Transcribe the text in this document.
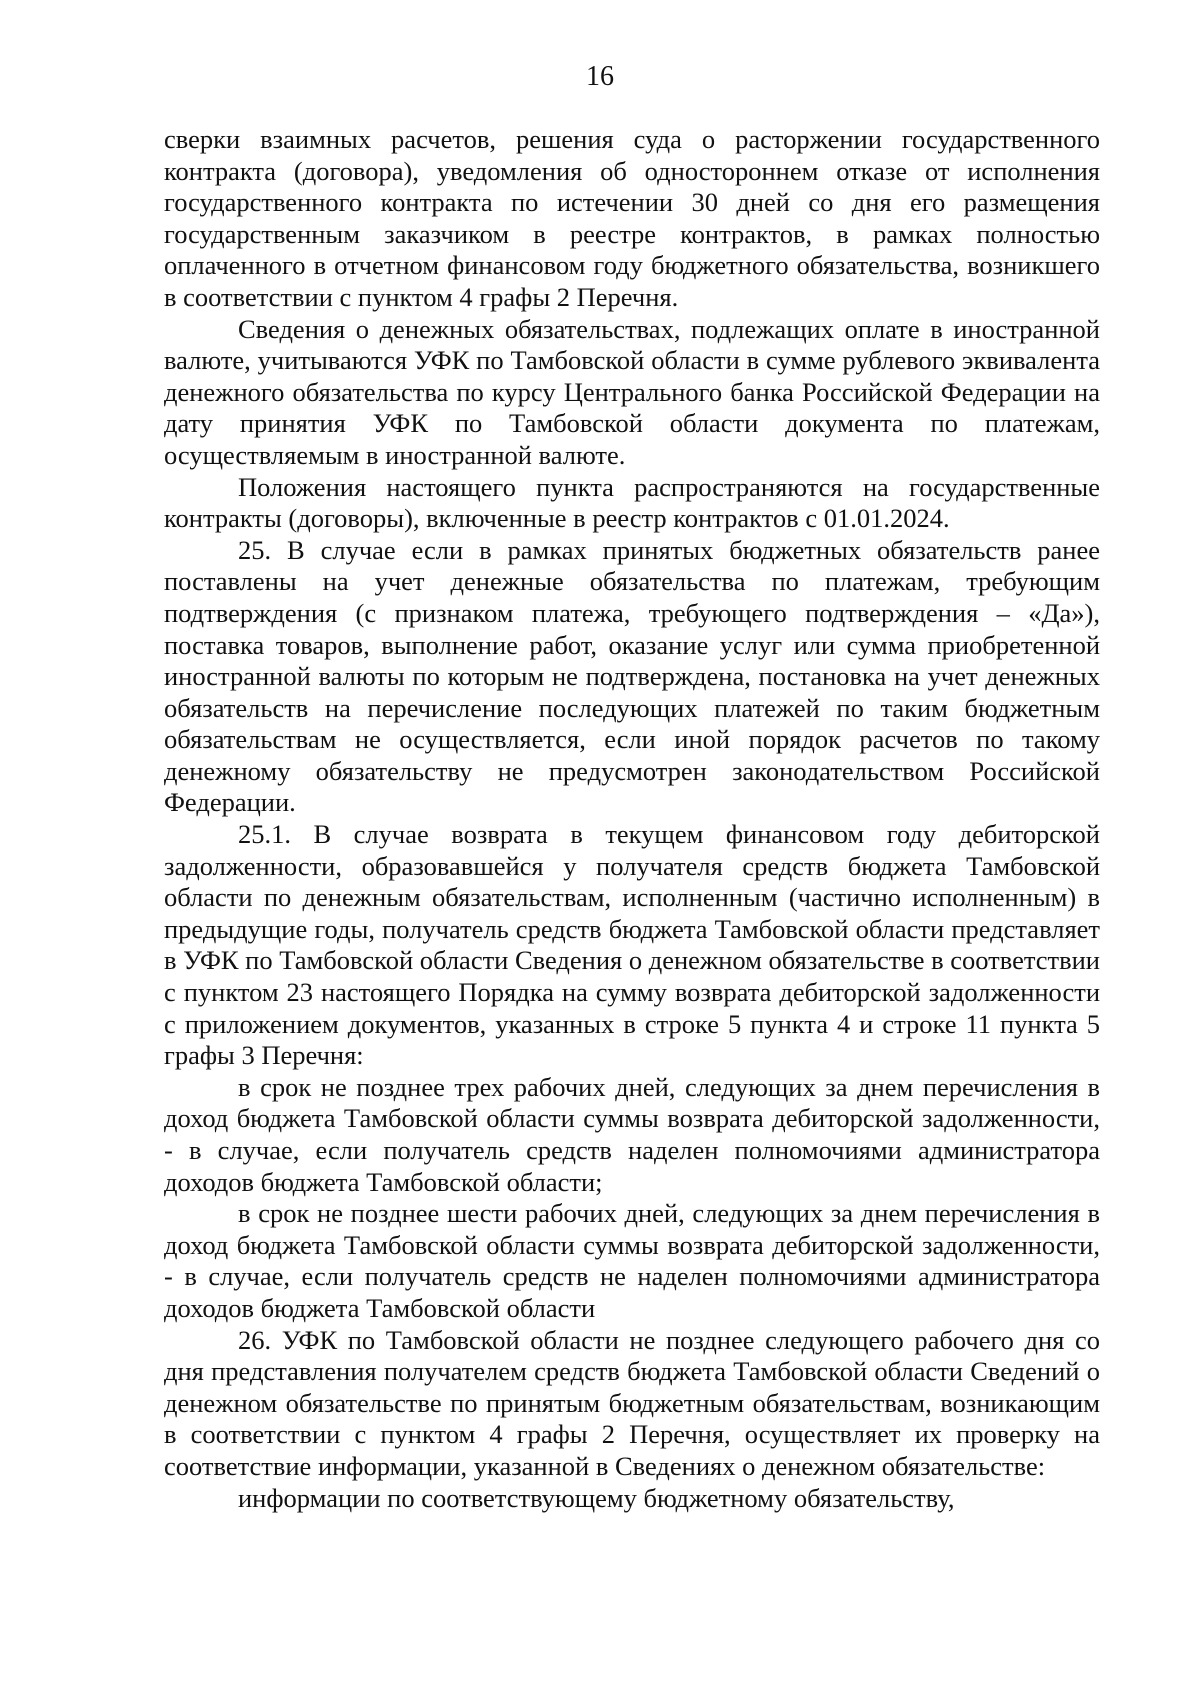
16

сверки взаимных расчетов, решения суда о расторжении государственного контракта (договора), уведомления об одностороннем отказе от исполнения государственного контракта по истечении 30 дней со дня его размещения государственным заказчиком в реестре контрактов, в рамках полностью оплаченного в отчетном финансовом году бюджетного обязательства, возникшего в соответствии с пунктом 4 графы 2 Перечня.

Сведения о денежных обязательствах, подлежащих оплате в иностранной валюте, учитываются УФК по Тамбовской области в сумме рублевого эквивалента денежного обязательства по курсу Центрального банка Российской Федерации на дату принятия УФК по Тамбовской области документа по платежам, осуществляемым в иностранной валюте.

Положения настоящего пункта распространяются на государственные контракты (договоры), включенные в реестр контрактов с 01.01.2024.

25. В случае если в рамках принятых бюджетных обязательств ранее поставлены на учет денежные обязательства по платежам, требующим подтверждения (с признаком платежа, требующего подтверждения – «Да»), поставка товаров, выполнение работ, оказание услуг или сумма приобретенной иностранной валюты по которым не подтверждена, постановка на учет денежных обязательств на перечисление последующих платежей по таким бюджетным обязательствам не осуществляется, если иной порядок расчетов по такому денежному обязательству не предусмотрен законодательством Российской Федерации.

25.1. В случае возврата в текущем финансовом году дебиторской задолженности, образовавшейся у получателя средств бюджета Тамбовской области по денежным обязательствам, исполненным (частично исполненным) в предыдущие годы, получатель средств бюджета Тамбовской области представляет в УФК по Тамбовской области Сведения о денежном обязательстве в соответствии с пунктом 23 настоящего Порядка на сумму возврата дебиторской задолженности с приложением документов, указанных в строке 5 пункта 4 и строке 11 пункта 5 графы 3 Перечня:

в срок не позднее трех рабочих дней, следующих за днем перечисления в доход бюджета Тамбовской области суммы возврата дебиторской задолженности, - в случае, если получатель средств наделен полномочиями администратора доходов бюджета Тамбовской области;

в срок не позднее шести рабочих дней, следующих за днем перечисления в доход бюджета Тамбовской области суммы возврата дебиторской задолженности, - в случае, если получатель средств не наделен полномочиями администратора доходов бюджета Тамбовской области

26. УФК по Тамбовской области не позднее следующего рабочего дня со дня представления получателем средств бюджета Тамбовской области Сведений о денежном обязательстве по принятым бюджетным обязательствам, возникающим в соответствии с пунктом 4 графы 2 Перечня, осуществляет их проверку на соответствие информации, указанной в Сведениях о денежном обязательстве:

информации по соответствующему бюджетному обязательству,
